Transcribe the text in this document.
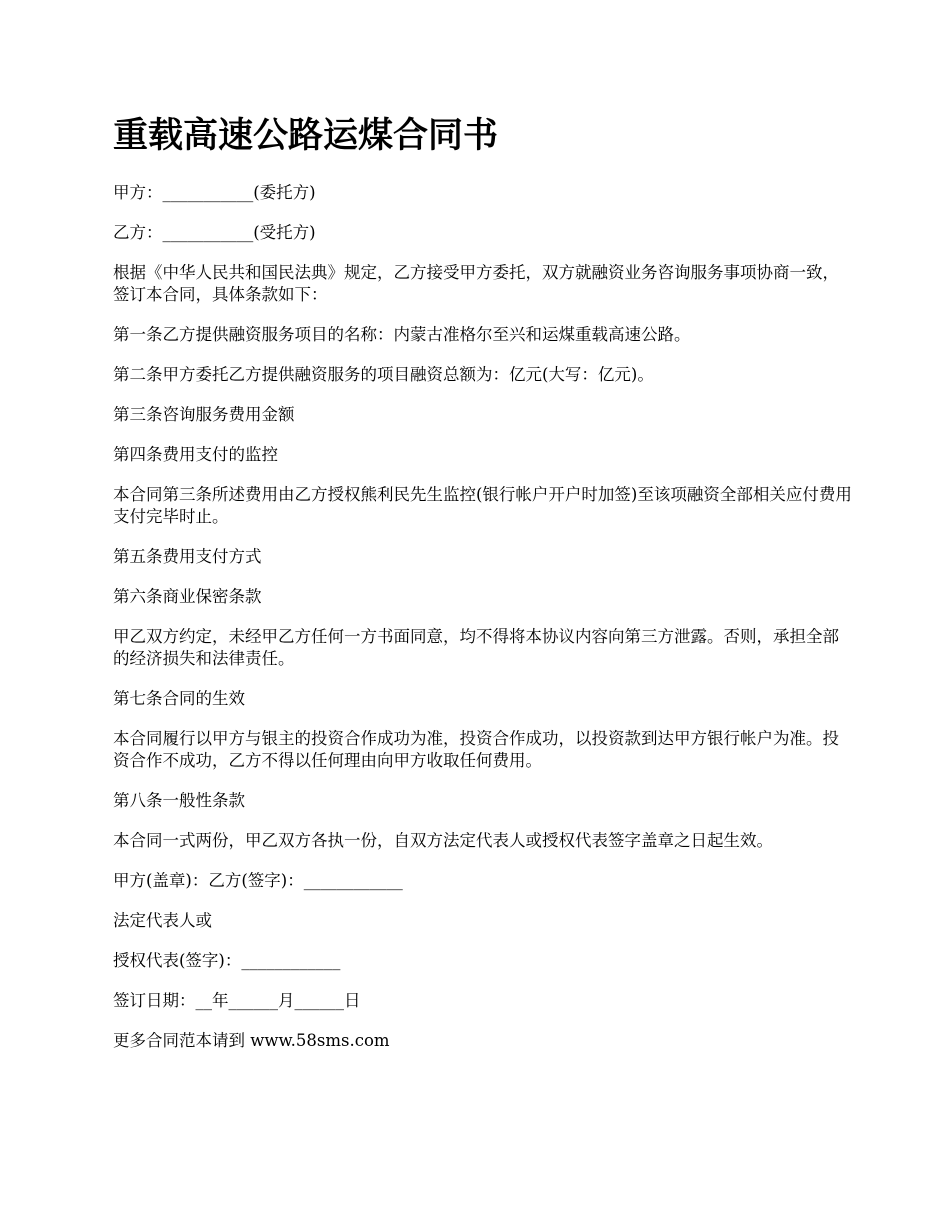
重载高速公路运煤合同书

甲方：___________(委托方)

乙方：___________(受托方)

根据《中华人民共和国民法典》规定，乙方接受甲方委托，双方就融资业务咨询服务事项协商一致，签订本合同，具体条款如下：

第一条乙方提供融资服务项目的名称：内蒙古准格尔至兴和运煤重载高速公路。

第二条甲方委托乙方提供融资服务的项目融资总额为：亿元(大写：亿元)。

第三条咨询服务费用金额

第四条费用支付的监控

本合同第三条所述费用由乙方授权熊利民先生监控(银行帐户开户时加签)至该项融资全部相关应付费用支付完毕时止。

第五条费用支付方式

第六条商业保密条款

甲乙双方约定，未经甲乙方任何一方书面同意，均不得将本协议内容向第三方泄露。否则，承担全部的经济损失和法律责任。

第七条合同的生效

本合同履行以甲方与银主的投资合作成功为准，投资合作成功，以投资款到达甲方银行帐户为准。投资合作不成功，乙方不得以任何理由向甲方收取任何费用。

第八条一般性条款

本合同一式两份，甲乙双方各执一份，自双方法定代表人或授权代表签字盖章之日起生效。

甲方(盖章)：乙方(签字)：____________

法定代表人或

授权代表(签字)：____________

签订日期：__年______月______日

更多合同范本请到 www.58sms.com
